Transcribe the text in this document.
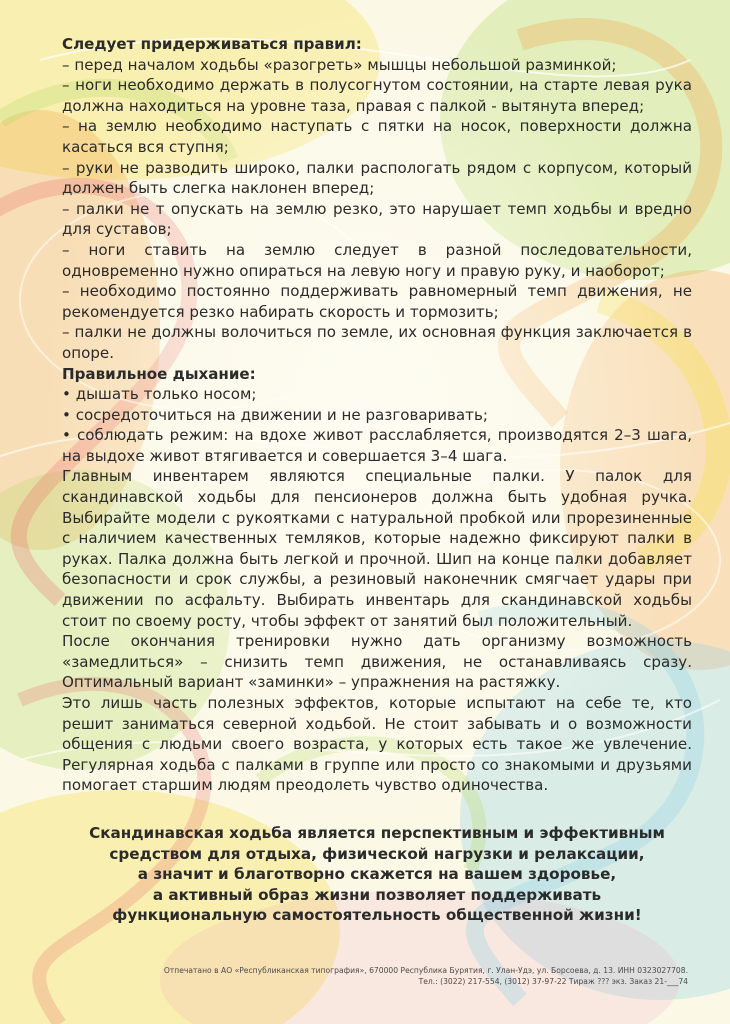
Следует придерживаться правил:

– перед началом ходьбы «разогреть» мышцы небольшой разминкой;

– ноги необходимо держать в полусогнутом состоянии, на старте левая рука должна находиться на уровне таза, правая с палкой - вытянута вперед;

– на землю необходимо наступать с пятки на носок, поверхности должна касаться вся ступня;

– руки не разводить широко, палки распологать рядом с корпусом, который должен быть слегка наклонен вперед;

– палки не т опускать на землю резко, это нарушает темп ходьбы и вредно для суставов;

– ноги ставить на землю следует в разной последовательности, одновременно нужно опираться на левую ногу и правую руку, и наоборот;

– необходимо постоянно поддерживать равномерный темп движения, не рекомендуется резко набирать скорость и тормозить;

– палки не должны волочиться по земле, их основная функция заключается в опоре.

Правильное дыхание:

• дышать только носом;

• сосредоточиться на движении и не разговаривать;

• соблюдать режим: на вдохе живот расслабляется, производятся 2–3 шага, на выдохе живот втягивается и совершается 3–4 шага.

Главным инвентарем являются специальные палки. У палок для скандинавской ходьбы для пенсионеров должна быть удобная ручка. Выбирайте модели с рукоятками с натуральной пробкой или прорезиненные с наличием качественных темляков, которые надежно фиксируют палки в руках. Палка должна быть легкой и прочной. Шип на конце палки добавляет безопасности и срок службы, а резиновый наконечник смягчает удары при движении по асфальту. Выбирать инвентарь для скандинавской ходьбы стоит по своему росту, чтобы эффект от занятий был положительный.

После окончания тренировки нужно дать организму возможность «замедлиться» – снизить темп движения, не останавливаясь сразу. Оптимальный вариант «заминки» – упражнения на растяжку.

Это лишь часть полезных эффектов, которые испытают на себе те, кто решит заниматься северной ходьбой. Не стоит забывать и о возможности общения с людьми своего возраста, у которых есть такое же увлечение. Регулярная ходьба с палками в группе или просто со знакомыми и друзьями помогает старшим людям преодолеть чувство одиночества.

Скандинавская ходьба является перспективным и эффективным

средством для отдыха, физической нагрузки и релаксации,

а значит и благотворно скажется на вашем здоровье,

а активный образ жизни позволяет поддерживать

функциональную самостоятельность общественной жизни!

Отпечатано в АО «Республиканская типография», 670000 Республика Бурятия, г. Улан-Удэ, ул. Борсоева, д. 13. ИНН 0323027708.

Тел.: (3022) 217-554, (3012) 37-97-22 Тираж ??? экз. Заказ 21-___74
